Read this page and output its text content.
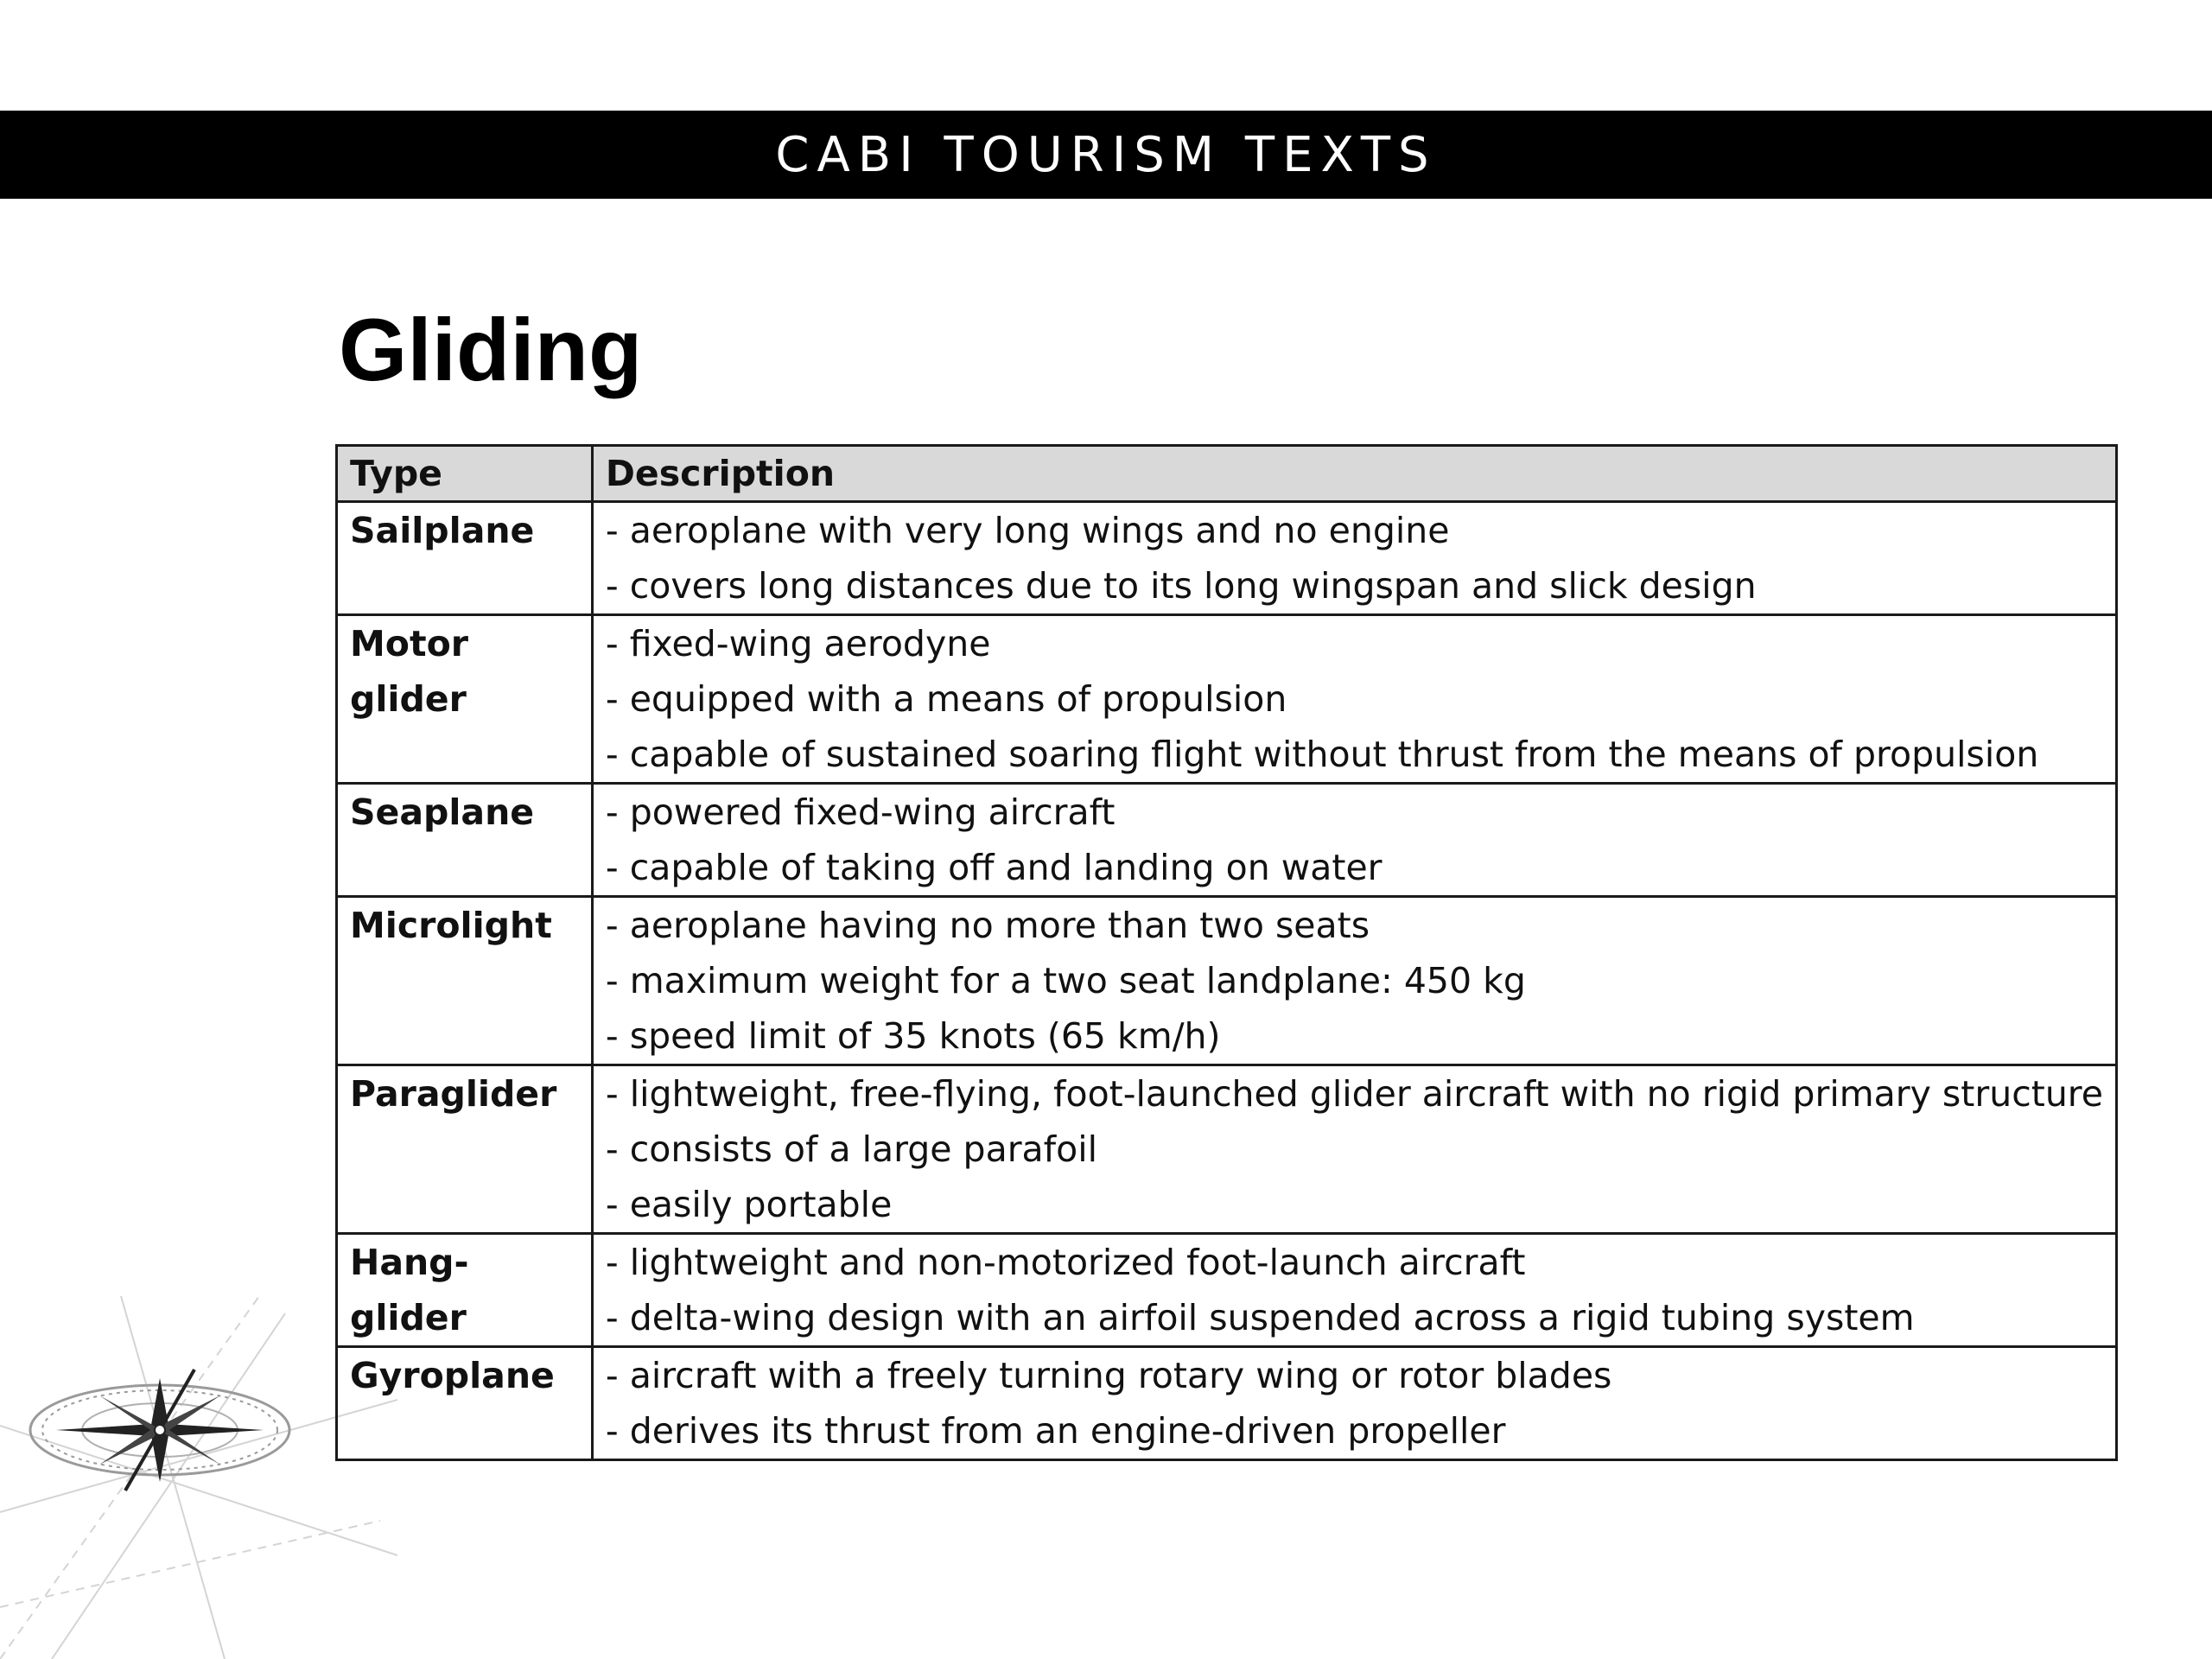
CABI TOURISM TEXTS
Gliding
Type	Description
Sailplane	- aeroplane with very long wings and no engine
- covers long distances due to its long wingspan and slick design

Motor glider	- fixed-wing aerodyne
- equipped with a means of propulsion
- capable of sustained soaring flight without thrust from the means of propulsion

Seaplane	- powered fixed-wing aircraft
- capable of taking off and landing on water

Microlight	- aeroplane having no more than two seats
- maximum weight for a two seat landplane: 450 kg
- speed limit of 35 knots (65 km/h)

Paraglider	- lightweight, free-flying, foot-launched glider aircraft with no rigid primary structure
- consists of a large parafoil
- easily portable

Hang-glider	- lightweight and non-motorized foot-launch aircraft
- delta-wing design with an airfoil suspended across a rigid tubing system

Gyroplane	- aircraft with a freely turning rotary wing or rotor blades
- derives its thrust from an engine-driven propeller
